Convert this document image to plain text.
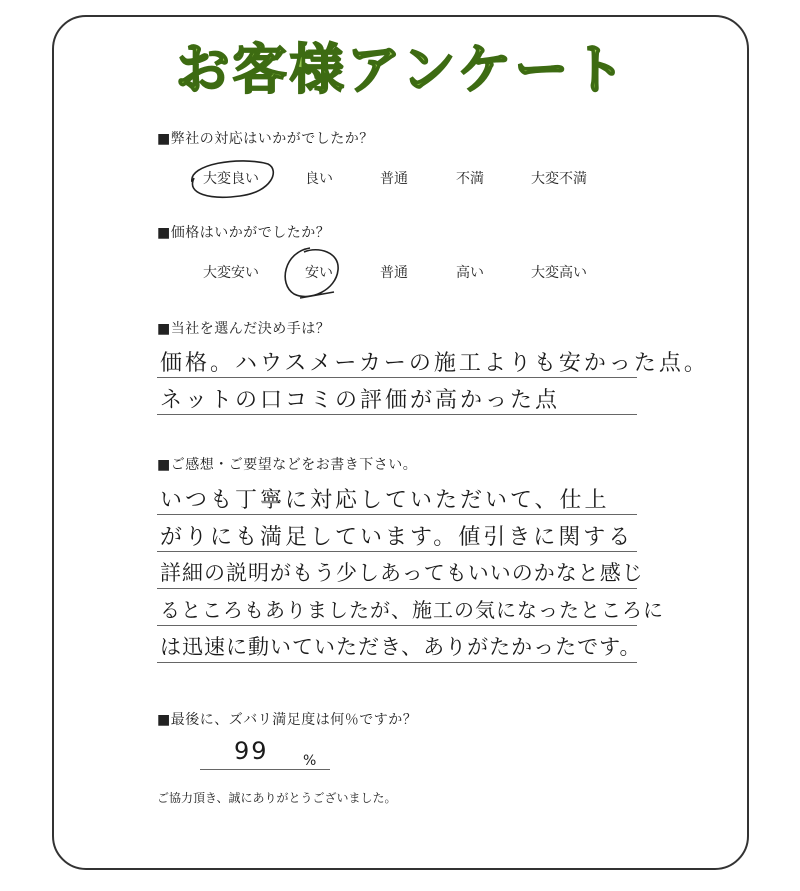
お客様アンケート
■弊社の対応はいかがでしたか？
大変良い	良い	普通	不満	大変不満
■価格はいかがでしたか？
大変安い	安い	普通	高い	大変高い
■当社を選んだ決め手は？
価格。ハウスメーカーの施工よりも安かった点。
ネットの口コミの評価が高かった点
■ご感想・ご要望などをお書き下さい。
いつも丁寧に対応していただいて、仕上
がりにも満足しています。値引きに関する
詳細の説明がもう少しあってもいいのかなと感じ
るところもありましたが、施工の気になったところに
は迅速に動いていただき、ありがたかったです。
■最後に、ズバリ満足度は何％ですか？
99 %
ご協力頂き、誠にありがとうございました。
